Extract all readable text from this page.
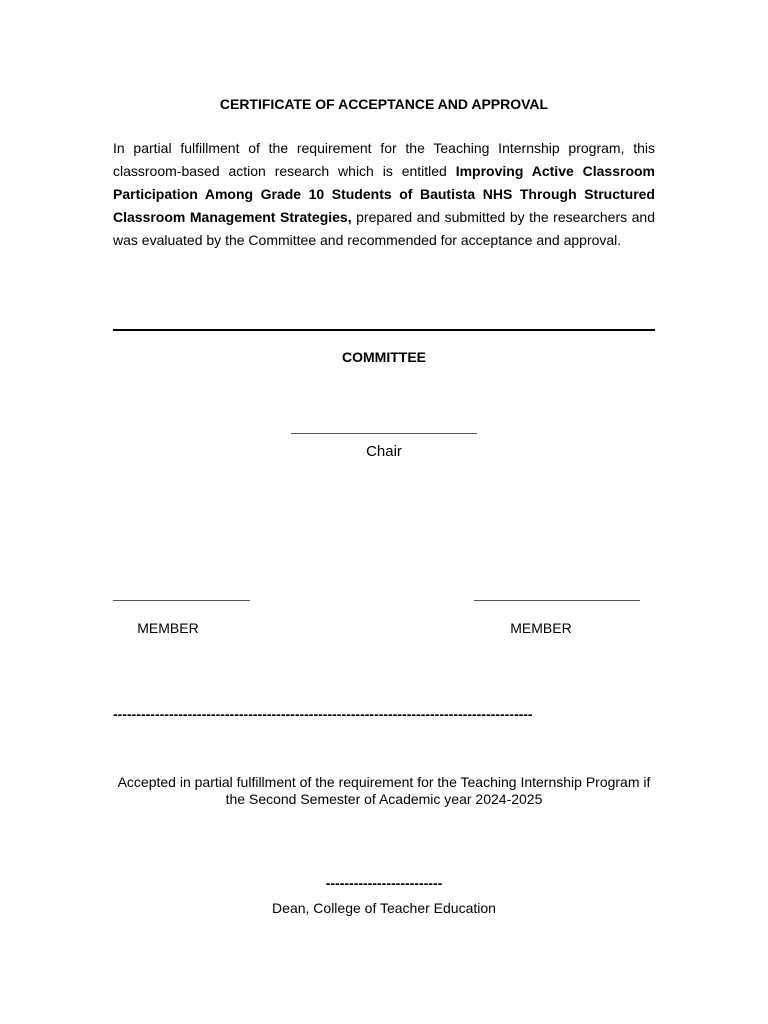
CERTIFICATE OF ACCEPTANCE AND APPROVAL
In partial fulfillment of the requirement for the Teaching Internship program, this classroom-based action research which is entitled Improving Active Classroom Participation Among Grade 10 Students of Bautista NHS Through Structured Classroom Management Strategies, prepared and submitted by the researchers and was evaluated by the Committee and recommended for acceptance and approval.
COMMITTEE
Chair
MEMBER	MEMBER
------------------------------------------------------------------------------------------
Accepted in partial fulfillment of the requirement for the Teaching Internship Program if the Second Semester of Academic year 2024-2025
-------------------------
Dean, College of Teacher Education
